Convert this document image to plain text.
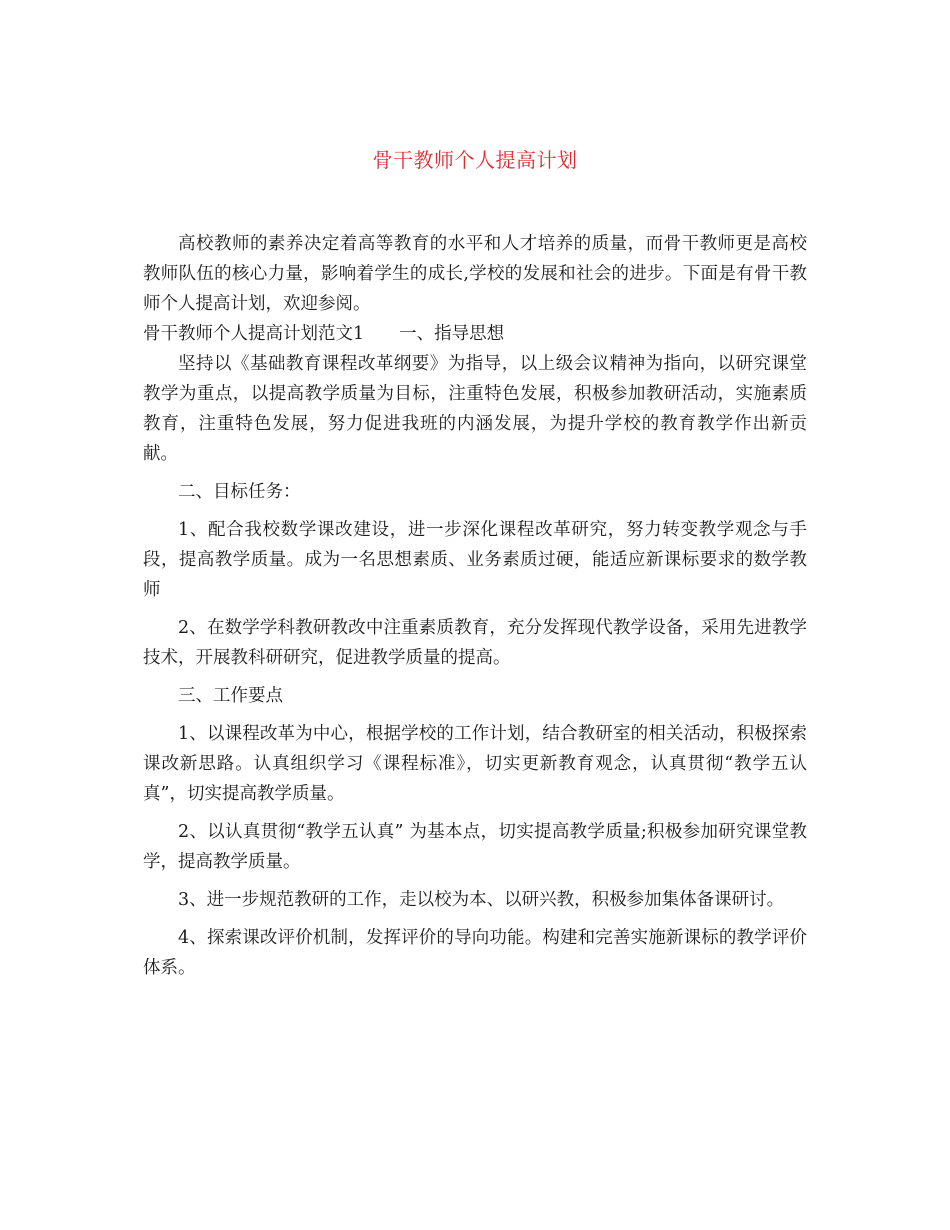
骨干教师个人提高计划

高校教师的素养决定着高等教育的水平和人才培养的质量，而骨干教师更是高校教师队伍的核心力量，影响着学生的成长,学校的发展和社会的进步。下面是有骨干教师个人提高计划，欢迎参阅。

骨干教师个人提高计划范文1　　一、指导思想

坚持以《基础教育课程改革纲要》为指导，以上级会议精神为指向，以研究课堂教学为重点，以提高教学质量为目标，注重特色发展，积极参加教研活动，实施素质教育，注重特色发展，努力促进我班的内涵发展，为提升学校的教育教学作出新贡献。

二、目标任务：

1、配合我校数学课改建设，进一步深化课程改革研究，努力转变教学观念与手段，提高教学质量。成为一名思想素质、业务素质过硬，能适应新课标要求的数学教师

2、在数学学科教研教改中注重素质教育，充分发挥现代教学设备，采用先进教学技术，开展教科研研究，促进教学质量的提高。

三、工作要点

1、以课程改革为中心，根据学校的工作计划，结合教研室的相关活动，积极探索课改新思路。认真组织学习《课程标准》，切实更新教育观念，认真贯彻“教学五认真”，切实提高教学质量。

2、以认真贯彻“教学五认真” 为基本点，切实提高教学质量;积极参加研究课堂教学，提高教学质量。

3、进一步规范教研的工作，走以校为本、以研兴教，积极参加集体备课研讨。

4、探索课改评价机制，发挥评价的导向功能。构建和完善实施新课标的教学评价体系。
